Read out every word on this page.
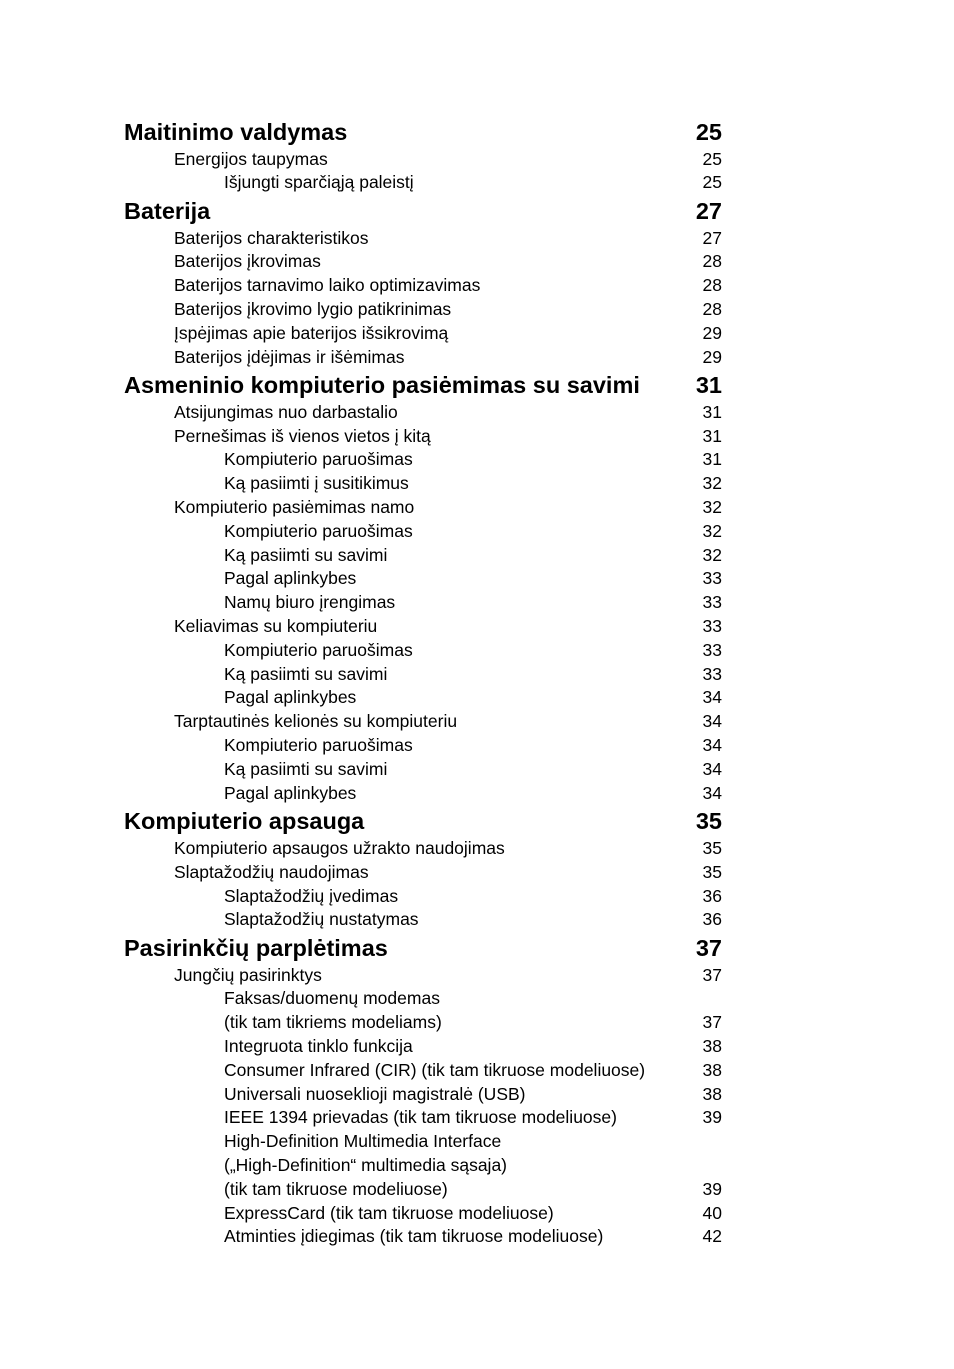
Maitinimo valdymas	25
Energijos taupymas	25
Išjungti sparčiąją paleistį	25
Baterija	27
Baterijos charakteristikos	27
Baterijos įkrovimas	28
Baterijos tarnavimo laiko optimizavimas	28
Baterijos įkrovimo lygio patikrinimas	28
Įspėjimas apie baterijos išsikrovimą	29
Baterijos įdėjimas ir išėmimas	29
Asmeninio kompiuterio pasiėmimas su savimi 31
Atsijungimas nuo darbastalio	31
Pernešimas iš vienos vietos į kitą	31
Kompiuterio paruošimas	31
Ką pasiimti į susitikimus	32
Kompiuterio pasiėmimas namo	32
Kompiuterio paruošimas	32
Ką pasiimti su savimi	32
Pagal aplinkybes	33
Namų biuro įrengimas	33
Keliavimas su kompiuteriu	33
Kompiuterio paruošimas	33
Ką pasiimti su savimi	33
Pagal aplinkybes	34
Tarptautinės kelionės su kompiuteriu	34
Kompiuterio paruošimas	34
Ką pasiimti su savimi	34
Pagal aplinkybes	34
Kompiuterio apsauga	35
Kompiuterio apsaugos užrakto naudojimas	35
Slaptažodžių naudojimas	35
Slaptažodžių įvedimas	36
Slaptažodžių nustatymas	36
Pasirinkčių parplėtimas	37
Jungčių pasirinktys	37
Faksas/duomenų modemas
(tik tam tikriems modeliams)	37
Integruota tinklo funkcija	38
Consumer Infrared (CIR) (tik tam tikruose modeliuose)	38
Universali nuoseklioji magistralė (USB)	38
IEEE 1394 prievadas (tik tam tikruose modeliuose)	39
High-Definition Multimedia Interface
(„High-Definition“ multimedia sąsaja)
(tik tam tikruose modeliuose)	39
ExpressCard (tik tam tikruose modeliuose)	40
Atminties įdiegimas (tik tam tikruose modeliuose)	42
